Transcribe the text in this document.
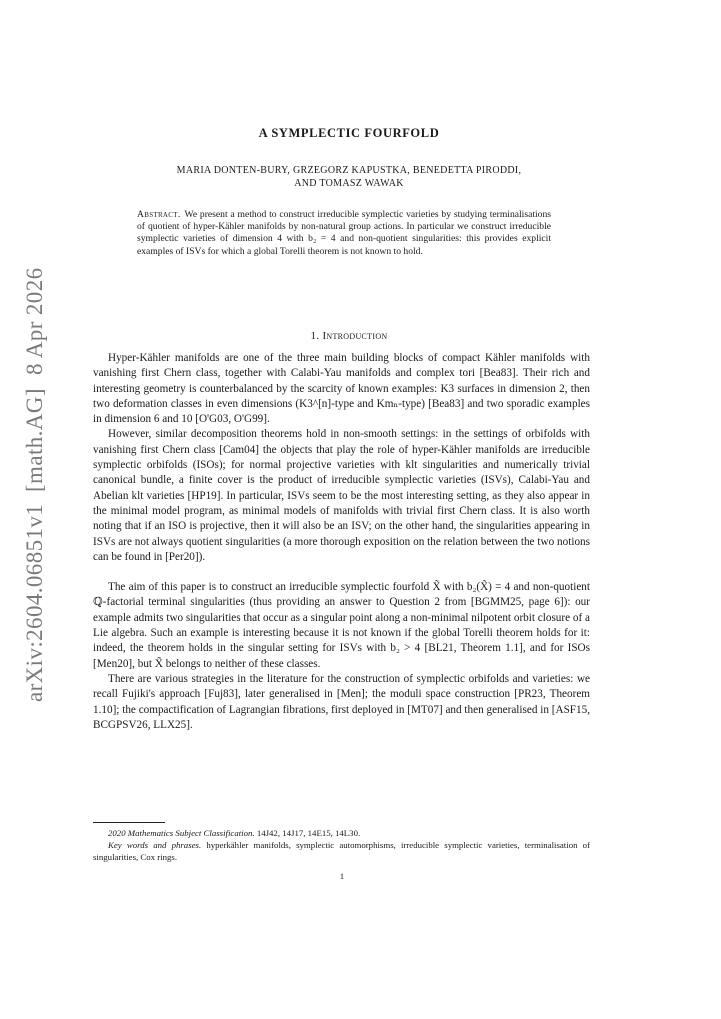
arXiv:2604.06851v1

[math.AG]

8 Apr 2026
A SYMPLECTIC FOURFOLD
MARIA DONTEN-BURY, GRZEGORZ KAPUSTKA, BENEDETTA PIRODDI,
AND TOMASZ WAWAK
Abstract. We present a method to construct irreducible symplectic varieties by studying terminalisations of quotient of hyper-Kähler manifolds by non-natural group actions. In particular we construct irreducible symplectic varieties of dimension 4 with b₂ = 4 and non-quotient singularities: this provides explicit examples of ISVs for which a global Torelli theorem is not known to hold.
1. Introduction

Hyper-Kähler manifolds are one of the three main building blocks of compact Kähler manifolds with vanishing first Chern class, together with Calabi-Yau manifolds and complex tori [Bea83]. Their rich and interesting geometry is counterbalanced by the scarcity of known examples: K3 surfaces in dimension 2, then two deformation classes in even dimensions (K3^[n]-type and Kmₙ-type) [Bea83] and two sporadic examples in dimension 6 and 10 [O'G03, O'G99].

However, similar decomposition theorems hold in non-smooth settings: in the settings of orbifolds with vanishing first Chern class [Cam04] the objects that play the role of hyper-Kähler manifolds are irreducible symplectic orbifolds (ISOs); for normal projective varieties with klt singularities and numerically trivial canonical bundle, a finite cover is the product of irreducible symplectic varieties (ISVs), Calabi-Yau and Abelian klt varieties [HP19]. In particular, ISVs seem to be the most interesting setting, as they also appear in the minimal model program, as minimal models of manifolds with trivial first Chern class. It is also worth noting that if an ISO is projective, then it will also be an ISV; on the other hand, the singularities appearing in ISVs are not always quotient singularities (a more thorough exposition on the relation between the two notions can be found in [Per20]).

The aim of this paper is to construct an irreducible symplectic fourfold X̃ with b₂(X̃) = 4 and non-quotient ℚ-factorial terminal singularities (thus providing an answer to Question 2 from [BGMM25, page 6]): our example admits two singularities that occur as a singular point along a non-minimal nilpotent orbit closure of a Lie algebra. Such an example is interesting because it is not known if the global Torelli theorem holds for it: indeed, the theorem holds in the singular setting for ISVs with b₂ > 4 [BL21, Theorem 1.1], and for ISOs [Men20], but X̃ belongs to neither of these classes.

There are various strategies in the literature for the construction of symplectic orbifolds and varieties: we recall Fujiki's approach [Fuj83], later generalised in [Men]; the moduli space construction [PR23, Theorem 1.10]; the compactification of Lagrangian fibrations, first deployed in [MT07] and then generalised in [ASF15, BCGPSV26, LLX25].

2020 Mathematics Subject Classification. 14J42, 14J17, 14E15, 14L30.

Key words and phrases. hyperkähler manifolds, symplectic automorphisms, irreducible symplectic varieties, terminalisation of singularities, Cox rings.

1
